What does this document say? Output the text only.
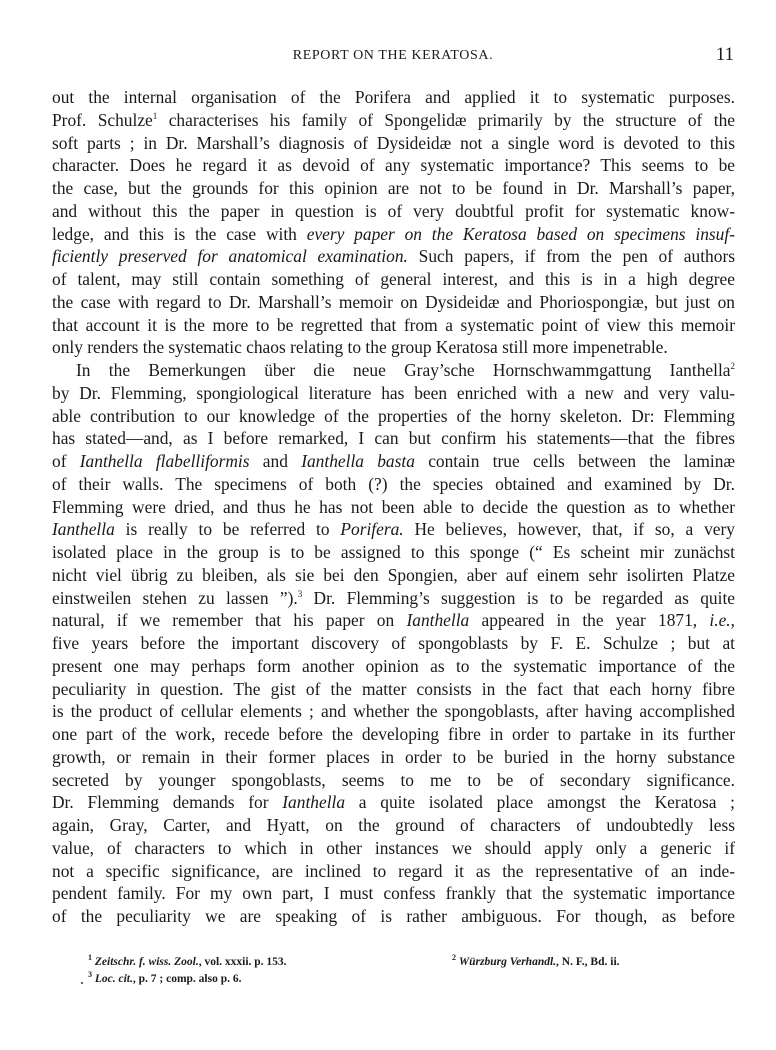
REPORT ON THE KERATOSA.	11
out the internal organisation of the Porifera and applied it to systematic purposes.
Prof. Schulze$^1$ characterises his family of Spongelidæ primarily by the structure of the
soft parts ; in Dr. Marshall’s diagnosis of Dysideidæ not a single word is devoted to this
character. Does he regard it as devoid of any systematic importance? This seems to be
the case, but the grounds for this opinion are not to be found in Dr. Marshall’s paper,
and without this the paper in question is of very doubtful profit for systematic know-
ledge, and this is the case with every paper on the Keratosa based on specimens insuf-
ficiently preserved for anatomical examination. Such papers, if from the pen of authors
of talent, may still contain something of general interest, and this is in a high degree
the case with regard to Dr. Marshall’s memoir on Dysideidæ and Phoriospongiæ, but just on
that account it is the more to be regretted that from a systematic point of view this memoir
only renders the systematic chaos relating to the group Keratosa still more impenetrable.
In the Bemerkungen über die neue Gray’sche Hornschwammgattung Ianthella$^2$
by Dr. Flemming, spongiological literature has been enriched with a new and very valu-
able contribution to our knowledge of the properties of the horny skeleton. Dr: Flemming
has stated—and, as I before remarked, I can but confirm his statements—that the fibres
of Ianthella flabelliformis and Ianthella basta contain true cells between the laminæ
of their walls. The specimens of both (?) the species obtained and examined by Dr.
Flemming were dried, and thus he has not been able to decide the question as to whether
Ianthella is really to be referred to Porifera. He believes, however, that, if so, a very
isolated place in the group is to be assigned to this sponge (“ Es scheint mir zunächst
nicht viel übrig zu bleiben, als sie bei den Spongien, aber auf einem sehr isolirten Platze
einstweilen stehen zu lassen ”).$^3$ Dr. Flemming’s suggestion is to be regarded as quite
natural, if we remember that his paper on Ianthella appeared in the year 1871, i.e.,
five years before the important discovery of spongoblasts by F. E. Schulze ; but at
present one may perhaps form another opinion as to the systematic importance of the
peculiarity in question. The gist of the matter consists in the fact that each horny fibre
is the product of cellular elements ; and whether the spongoblasts, after having accomplished
one part of the work, recede before the developing fibre in order to partake in its further
growth, or remain in their former places in order to be buried in the horny substance
secreted by younger spongoblasts, seems to me to be of secondary significance.
Dr. Flemming demands for Ianthella a quite isolated place amongst the Keratosa ;
again, Gray, Carter, and Hyatt, on the ground of characters of undoubtedly less
value, of characters to which in other instances we should apply only a generic if
not a specific significance, are inclined to regard it as the representative of an inde-
pendent family. For my own part, I must confess frankly that the systematic importance
of the peculiarity we are speaking of is rather ambiguous. For though, as before
$^1$ Zeitschr. f. wiss. Zool., vol. xxxii. p. 153.
$^3$ Loc. cit., p. 7 ; comp. also p. 6.
$^2$ Würzburg Verhandl., N. F., Bd. ii.
